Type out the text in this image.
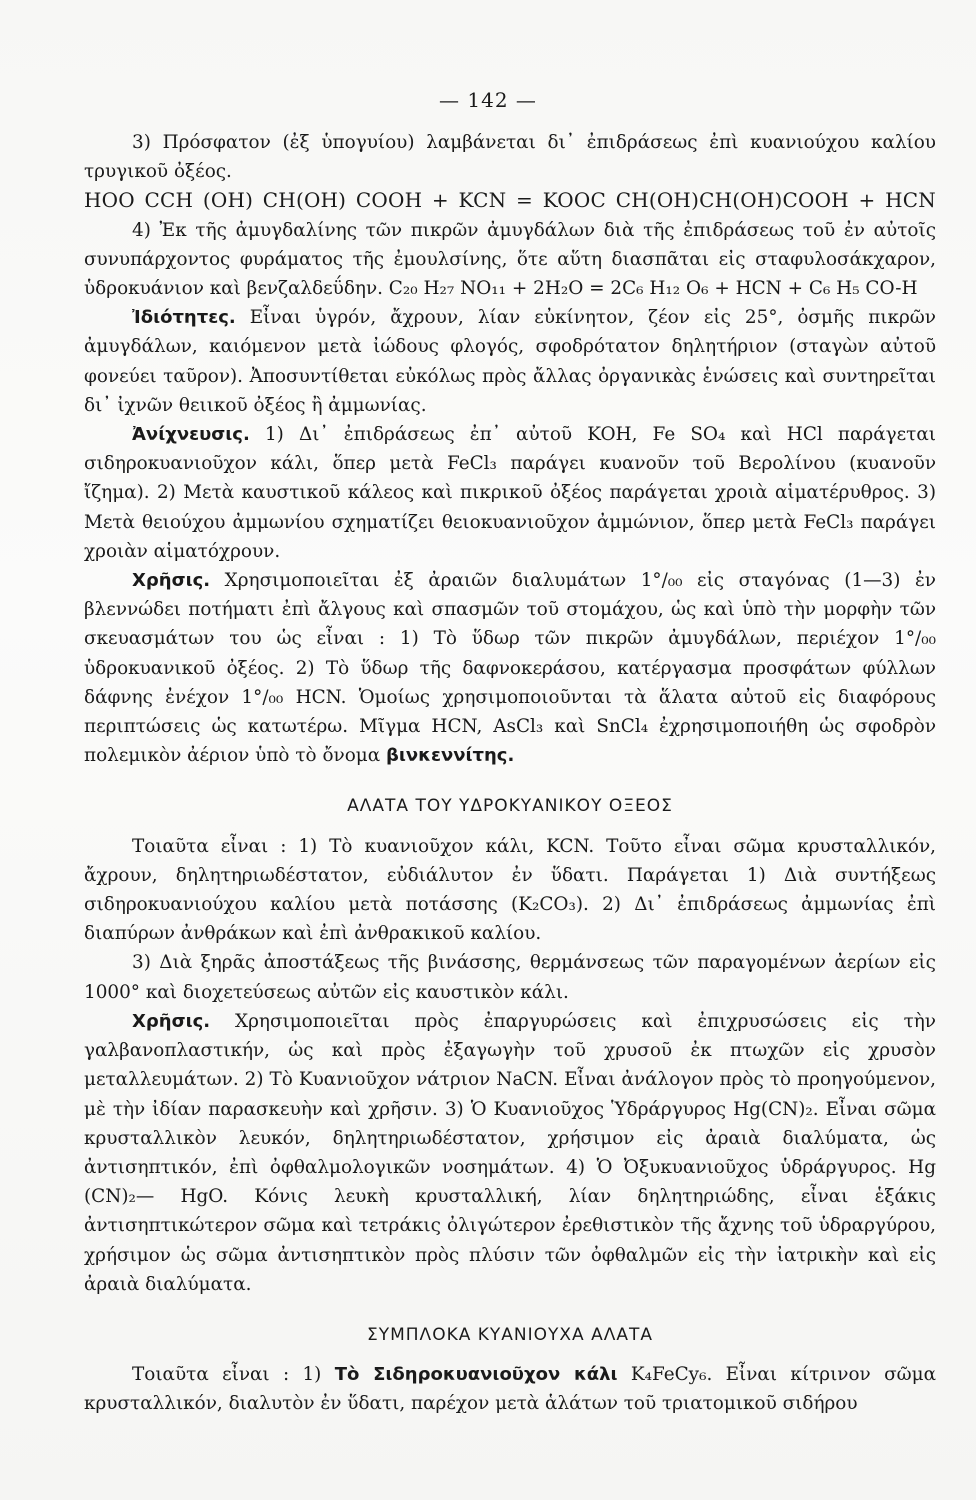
— 142 —

3) Πρόσφατον (ἐξ ὑπογυίου) λαμβάνεται δι᾽ ἐπιδράσεως ἐπὶ κυανιούχου καλίου τρυγικοῦ ὀξέος.

HOO CCH (OH) CH(OH) COOH + KCN = KOOC CH(OH)CH(OH)COOH + HCN

4) Ἐκ τῆς ἀμυγδαλίνης τῶν πικρῶν ἀμυγδάλων διὰ τῆς ἐπιδράσεως τοῦ ἐν αὐτοῖς συνυπάρχοντος φυράματος τῆς ἐμουλσίνης, ὅτε αὕτη διασπᾶται εἰς σταφυλοσάκχαρον, ὑδροκυάνιον καὶ βενζαλδεΰδην. C₂₀ H₂₇ NO₁₁ + 2H₂O = 2C₆ H₁₂ O₆ + HCN + C₆ H₅ CO-H

Ἰδιότητες. Εἶναι ὑγρόν, ἄχρουν, λίαν εὐκίνητον, ζέον εἰς 25°, ὀσμῆς πικρῶν ἀμυγδάλων, καιόμενον μετὰ ἰώδους φλογός, σφοδρότατον δηλητήριον (σταγὼν αὐτοῦ φονεύει ταῦρον). Ἀποσυντίθεται εὐκόλως πρὸς ἄλλας ὀργανικὰς ἑνώσεις καὶ συντηρεῖται δι᾽ ἰχνῶν θειικοῦ ὀξέος ἢ ἀμμωνίας.

Ἀνίχνευσις. 1) Δι᾽ ἐπιδράσεως ἐπ᾽ αὐτοῦ KOH, Fe SO₄ καὶ HCl παράγεται σιδηροκυανιοῦχον κάλι, ὅπερ μετὰ FeCl₃ παράγει κυανοῦν τοῦ Βερολίνου (κυανοῦν ἴζημα). 2) Μετὰ καυστικοῦ κάλεος καὶ πικρικοῦ ὀξέος παράγεται χροιὰ αἱματέρυθρος. 3) Μετὰ θειούχου ἀμμωνίου σχηματίζει θειοκυανιοῦχον ἀμμώνιον, ὅπερ μετὰ FeCl₃ παράγει χροιὰν αἱματόχρουν.

Χρῆσις. Χρησιμοποιεῖται ἐξ ἀραιῶν διαλυμάτων 1°/₀₀ εἰς σταγόνας (1—3) ἐν βλεννώδει ποτήματι ἐπὶ ἄλγους καὶ σπασμῶν τοῦ στομάχου, ὡς καὶ ὑπὸ τὴν μορφὴν τῶν σκευασμάτων του ὡς εἶναι : 1) Τὸ ὕδωρ τῶν πικρῶν ἀμυγδάλων, περιέχον 1°/₀₀ ὑδροκυανικοῦ ὀξέος. 2) Τὸ ὕδωρ τῆς δαφνοκεράσου, κατέργασμα προσφάτων φύλλων δάφνης ἐνέχον 1°/₀₀ HCN. Ὁμοίως χρησιμοποιοῦνται τὰ ἅλατα αὐτοῦ εἰς διαφόρους περιπτώσεις ὡς κατωτέρω. Μῖγμα HCN, AsCl₃ καὶ SnCl₄ ἐχρησιμοποιήθη ὡς σφοδρὸν πολεμικὸν ἀέριον ὑπὸ τὸ ὄνομα βινκεννίτης.

ΑΛΑΤΑ ΤΟΥ ΥΔΡΟΚΥΑΝΙΚΟΥ ΟΞΕΟΣ

Τοιαῦτα εἶναι : 1) Τὸ κυανιοῦχον κάλι, KCN. Τοῦτο εἶναι σῶμα κρυσταλλικόν, ἄχρουν, δηλητηριωδέστατον, εὐδιάλυτον ἐν ὕδατι. Παράγεται 1) Διὰ συντήξεως σιδηροκυανιούχου καλίου μετὰ ποτάσσης (K₂CO₃). 2) Δι᾽ ἐπιδράσεως ἀμμωνίας ἐπὶ διαπύρων ἀνθράκων καὶ ἐπὶ ἀνθρακικοῦ καλίου.

3) Διὰ ξηρᾶς ἀποστάξεως τῆς βινάσσης, θερμάνσεως τῶν παραγομένων ἀερίων εἰς 1000° καὶ διοχετεύσεως αὐτῶν εἰς καυστικὸν κάλι.

Χρῆσις. Χρησιμοποιεῖται πρὸς ἐπαργυρώσεις καὶ ἐπιχρυσώσεις εἰς τὴν γαλβανοπλαστικήν, ὡς καὶ πρὸς ἐξαγωγὴν τοῦ χρυσοῦ ἐκ πτωχῶν εἰς χρυσὸν μεταλλευμάτων. 2) Τὸ Κυανιοῦχον νάτριον NaCN. Εἶναι ἀνάλογον πρὸς τὸ προηγούμενον, μὲ τὴν ἰδίαν παρασκευὴν καὶ χρῆσιν. 3) Ὁ Κυανιοῦχος Ὑδράργυρος Hg(CN)₂. Εἶναι σῶμα κρυσταλλικὸν λευκόν, δηλητηριωδέστατον, χρήσιμον εἰς ἀραιὰ διαλύματα, ὡς ἀντισηπτικόν, ἐπὶ ὀφθαλμολογικῶν νοσημάτων. 4) Ὁ Ὀξυκυανιοῦχος ὑδράργυρος. Hg (CN)₂— HgO. Κόνις λευκὴ κρυσταλλική, λίαν δηλητηριώδης, εἶναι ἑξάκις ἀντισηπτικώτερον σῶμα καὶ τετράκις ὀλιγώτερον ἐρεθιστικὸν τῆς ἄχνης τοῦ ὑδραργύρου, χρήσιμον ὡς σῶμα ἀντισηπτικὸν πρὸς πλύσιν τῶν ὀφθαλμῶν εἰς τὴν ἰατρικὴν καὶ εἰς ἀραιὰ διαλύματα.

ΣΥΜΠΛΟΚΑ ΚΥΑΝΙΟΥΧΑ ΑΛΑΤΑ

Τοιαῦτα εἶναι : 1) Τὸ Σιδηροκυανιοῦχον κάλι K₄FeCy₆. Εἶναι κίτρινον σῶμα κρυσταλλικόν, διαλυτὸν ἐν ὕδατι, παρέχον μετὰ ἁλάτων τοῦ τριατομικοῦ σιδήρου
